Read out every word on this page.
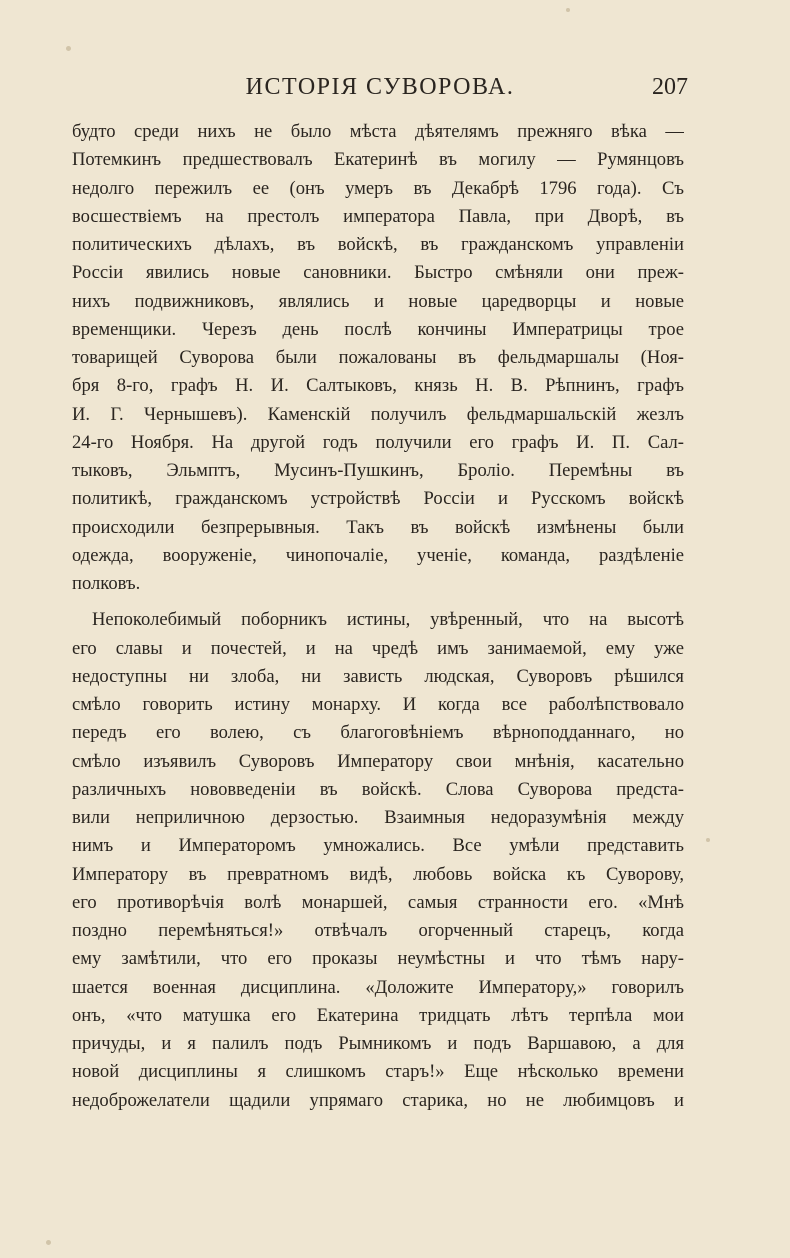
ИСТОРІЯ СУВОРОВА.	207
будто среди нихъ не было мѣста дѣятелямъ прежняго вѣка —
Потемкинъ предшествовалъ Екатеринѣ въ могилу — Румянцовъ
недолго пережилъ ее (онъ умеръ въ Декабрѣ 1796 года). Съ
восшествіемъ на престолъ императора Павла, при Дворѣ, въ
политическихъ дѣлахъ, въ войскѣ, въ гражданскомъ управленіи
Россіи явились новые сановники. Быстро смѣняли они преж-
нихъ подвижниковъ, являлись и новые царедворцы и новые
временщики. Черезъ день послѣ кончины Императрицы трое
товарищей Суворова были пожалованы въ фельдмаршалы (Ноя-
бря 8-го, графъ Н. И. Салтыковъ, князь Н. В. Рѣпнинъ, графъ
И. Г. Чернышевъ). Каменскій получилъ фельдмаршальскій жезлъ
24-го Ноября. На другой годъ получили его графъ И. П. Сал-
тыковъ, Эльмптъ, Мусинъ-Пушкинъ, Броліо. Перемѣны въ
политикѣ, гражданскомъ устройствѣ Россіи и Русскомъ войскѣ
происходили безпрерывныя. Такъ въ войскѣ измѣнены были
одежда, вооруженіе, чинопочаліе, ученіе, команда, раздѣленіе
полковъ.
Непоколебимый поборникъ истины, увѣренный, что на высотѣ
его славы и почестей, и на чредѣ имъ занимаемой, ему уже
недоступны ни злоба, ни зависть людская, Суворовъ рѣшился
смѣло говорить истину монарху. И когда все раболѣпствовало
передъ его волею, съ благоговѣніемъ вѣрноподданнаго, но
смѣло изъявилъ Суворовъ Императору свои мнѣнія, касательно
различныхъ нововведеніи въ войскѣ. Слова Суворова предста-
вили неприличною дерзостью. Взаимныя недоразумѣнія между
нимъ и Императоромъ умножались. Все умѣли представить
Императору въ превратномъ видѣ, любовь войска къ Суворову,
его противорѣчія волѣ монаршей, самыя странности его. «Мнѣ
поздно перемѣняться!» отвѣчалъ огорченный старецъ, когда
ему замѣтили, что его проказы неумѣстны и что тѣмъ нару-
шается военная дисциплина. «Доложите Императору,» говорилъ
онъ, «что матушка его Екатерина тридцать лѣтъ терпѣла мои
причуды, и я палилъ подъ Рымникомъ и подъ Варшавою, а для
новой дисциплины я слишкомъ старъ!» Еще нѣсколько времени
недоброжелатели щадили упрямаго старика, но не любимцовъ и
